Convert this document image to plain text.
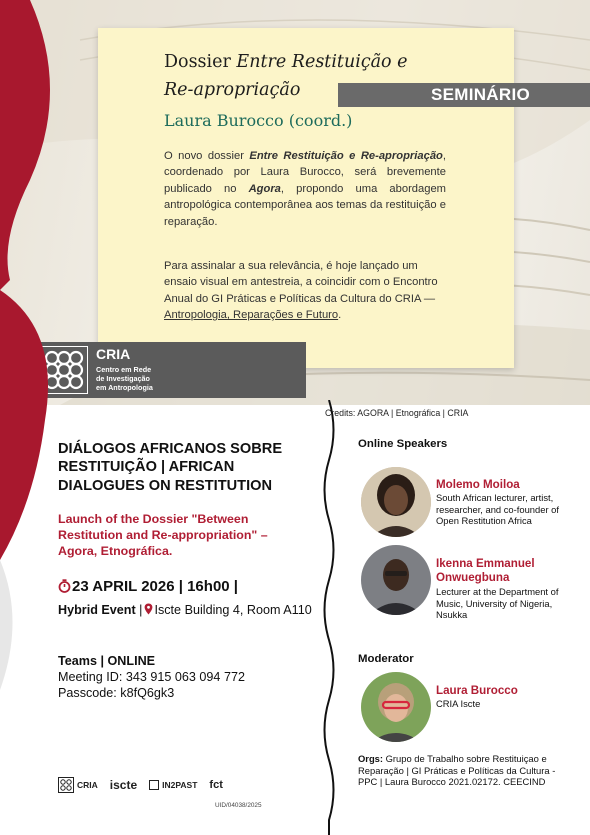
Dossier Entre Restituição e
Re-apropriação
Laura Burocco (coord.)
O novo dossier Entre Restituição e Re-apropriação, coordenado por Laura Burocco, será brevemente publicado no Agora, propondo uma abordagem antropológica contemporânea aos temas da restituição e reparação.
Para assinalar a sua relevância, é hoje lançado um ensaio visual em antestreia, a coincidir com o Encontro Anual do GI Práticas e Políticas da Cultura do CRIA — Antropologia, Reparações e Futuro.
SEMINÁRIO
CRIA
Centro em Rede
de Investigação
em Antropologia
Credits: AGORA | Etnográfica | CRIA
DIÁLOGOS AFRICANOS SOBRE RESTITUIÇÃO | AFRICAN DIALOGUES ON RESTITUTION
Launch of the Dossier "Between Restitution and Re-appropriation" – Agora, Etnográfica.
23 APRIL 2026 | 16h00 |
Hybrid Event | Iscte Building 4, Room A110
Teams | ONLINE
Meeting ID: 343 915 063 094 772
Passcode: k8fQ6gk3
CRIA iscte	IN2PAST fct
UID/04038/2025
Online Speakers
Molemo Moiloa
South African lecturer, artist, researcher, and co-founder of Open Restitution Africa
Ikenna Emmanuel Onwuegbuna
Lecturer at the Department of Music, University of Nigeria, Nsukka
Moderator
Laura Burocco
CRIA Iscte
Orgs: Grupo de Trabalho sobre Restituiçao e Reparação | GI Práticas e Políticas da Cultura - PPC | Laura Burocco 2021.02172. CEECIND
